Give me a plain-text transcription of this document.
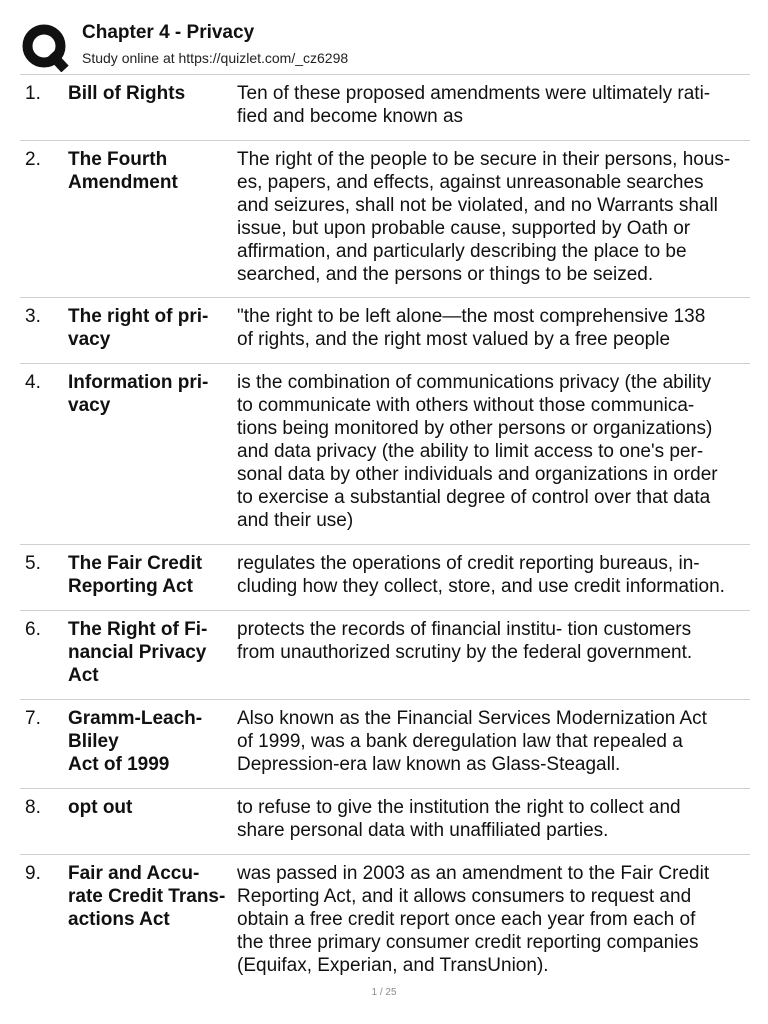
Chapter 4 - Privacy
Study online at https://quizlet.com/_cz6298
1. Bill of Rights	Ten of these proposed amendments were ultimately rati-
fied and become known as
2. The Fourth
Amendment
The right of the people to be secure in their persons, hous-
es, papers, and effects, against unreasonable searches
and seizures, shall not be violated, and no Warrants shall
issue, but upon probable cause, supported by Oath or
affirmation, and particularly describing the place to be
searched, and the persons or things to be seized.
3. The right of pri-
vacy
"the right to be left alone—the most comprehensive 138
of rights, and the right most valued by a free people
4. Information pri-
vacy
is the combination of communications privacy (the ability
to communicate with others without those communica-
tions being monitored by other persons or organizations)
and data privacy (the ability to limit access to one's per-
sonal data by other individuals and organizations in order
to exercise a substantial degree of control over that data
and their use)
5. The Fair Credit
Reporting Act
regulates the operations of credit reporting bureaus, in-
cluding how they collect, store, and use credit information.
6. The Right of Fi-
nancial Privacy
Act
protects the records of financial institu- tion customers
from unauthorized scrutiny by the federal government.
7. Gramm-Leach-Bliley
Act of 1999
Also known as the Financial Services Modernization Act
of 1999, was a bank deregulation law that repealed a
Depression-era law known as Glass-Steagall.
8. opt out	to refuse to give the institution the right to collect and
share personal data with unaffiliated parties.
9. Fair and Accu-
rate Credit Trans-
actions Act
was passed in 2003 as an amendment to the Fair Credit
Reporting Act, and it allows consumers to request and
obtain a free credit report once each year from each of
the three primary consumer credit reporting companies
(Equifax, Experian, and TransUnion).
1 / 25
